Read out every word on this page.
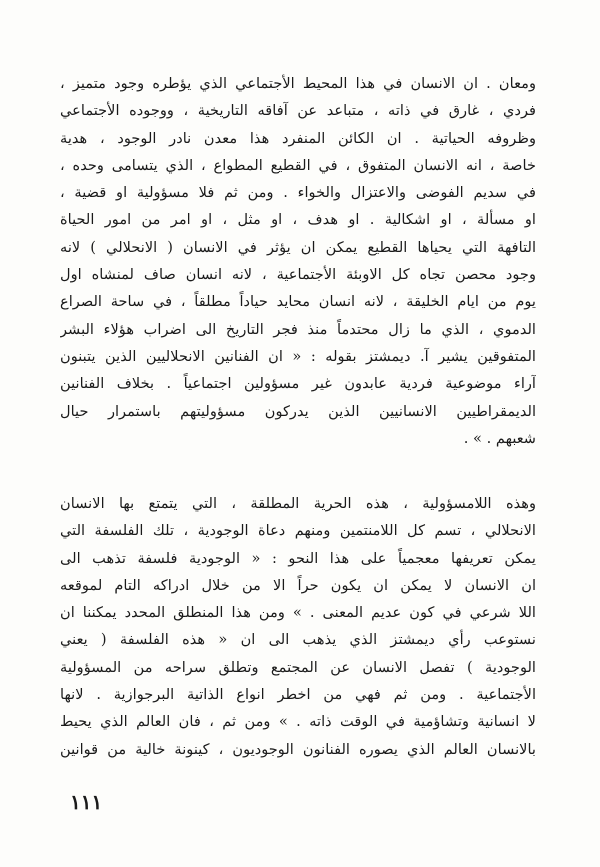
ومعان . ان الانسان في هذا المحيط الأجتماعي الذي يؤطره وجود متميز ،
فردي ، غارق في ذاته ، متباعد عن آفاقه التاريخية ، ووجوده الأجتماعي
وظروفه الحياتية . ان الكائن المنفرد هذا معدن نادر الوجود ، هدية
خاصة ، انه الانسان المتفوق ، في القطيع المطواع ، الذي يتسامى وحده ،
في سديم الفوضى والاعتزال والخواء . ومن ثم فلا مسؤولية او قضية ،
او مسألة ، او اشكالية . او هدف ، او مثل ، او امر من امور الحياة
التافهة التي يحياها القطيع يمكن ان يؤثر في الانسان ( الانحلالي ) لانه
وجود محصن تجاه كل الاوبئة الأجتماعية ، لانه انسان صاف لمنشاه اول
يوم من ايام الخليقة ، لانه انسان محايد حياداً مطلقاً ، في ساحة الصراع
الدموي ، الذي ما زال محتدماً منذ فجر التاريخ الى اضراب هؤلاء البشر
المتفوقين يشير آ. ديمشتز بقوله : « ان الفنانين الانحلاليين الذين يتبنون
آراء موضوعية فردية عابدون غير مسؤولين اجتماعياً . بخلاف الفنانين
الديمقراطيين الانسانيين الذين يدركون مسؤوليتهم باستمرار حيال
شعبهم . » .
وهذه اللامسؤولية ، هذه الحرية المطلقة ، التي يتمتع بها الانسان
الانحلالي ، تسم كل اللامنتمين ومنهم دعاة الوجودية ، تلك الفلسفة التي
يمكن تعريفها معجمياً على هذا النحو : « الوجودية فلسفة تذهب الى
ان الانسان لا يمكن ان يكون حراً الا من خلال ادراكه التام لموقعه
اللا شرعي في كون عديم المعنى . » ومن هذا المنطلق المحدد يمكننا ان
نستوعب رأي ديمشتز الذي يذهب الى ان « هذه الفلسفة ( يعني
الوجودية ) تفصل الانسان عن المجتمع وتطلق سراحه من المسؤولية
الأجتماعية . ومن ثم فهي من اخطر انواع الذاتية البرجوازية . لانها
لا انسانية وتشاؤمية في الوقت ذاته . » ومن ثم ، فان العالم الذي يحيط
بالانسان العالم الذي يصوره الفنانون الوجوديون ، كينونة خالية من قوانين
١١١
